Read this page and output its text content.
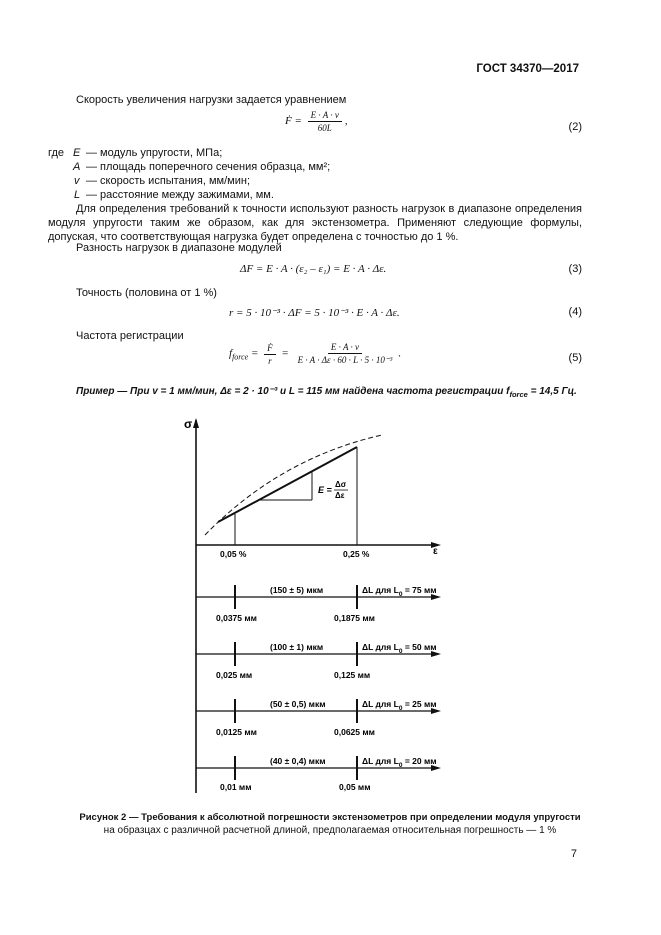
ГОСТ 34370—2017
Скорость увеличения нагрузки задается уравнением
Ḟ = $\frac{E \cdot A \cdot v}{60L}$ ,	(2)
где E — модуль упругости, МПа;
A — площадь поперечного сечения образца, мм²;
v — скорость испытания, мм/мин;
L — расстояние между зажимами, мм.
Для определения требований к точности используют разность нагрузок в диапазоне определения модуля упругости таким же образом, как для экстензометра. Применяют следующие формулы, допуская, что соответствующая нагрузка будет определена с точностью до 1 %.
Разность нагрузок в диапазоне модулей
ΔF = E · A · (ε₂ – ε₁) = E · A · Δε.	(3)
Точность (половина от 1 %)
r = 5 · 10⁻³ · ΔF = 5 · 10⁻³ · E · A · Δε.	(4)
Частота регистрации
$f_{force} = \frac{\text{Ḟ}}{r} = \frac{E \cdot A \cdot v}{\text{E · A · Δε · 60 · L · 5 · 10⁻³}}$ .	(5)
Пример — При v = 1 мм/мин, Δε = 2 · 10⁻³ и L = 115 мм найдена частота регистрации $f_{force} = 14,5$ Гц.
σ
ε
E =
Δσ
Δε
0,05 %	0,25 %
(150 ± 5) мкм	ΔL для $L_0 = 75$ мм
0,0375 мм	0,1875 мм
(100 ± 1) мкм	ΔL для $L_0 = 50$ мм
0,025 мм	0,125 мм
(50 ± 0,5) мкм	ΔL для $L_0 = 25$ мм
0,0125 мм	0,0625 мм
(40 ± 0,4) мкм	ΔL для $L_0 = 20$ мм
0,01 мм	0,05 мм
Рисунок 2 — Требования к абсолютной погрешности экстензометров при определении модуля упругости
на образцах с различной расчетной длиной, предполагаемая относительная погрешность — 1 %
7
